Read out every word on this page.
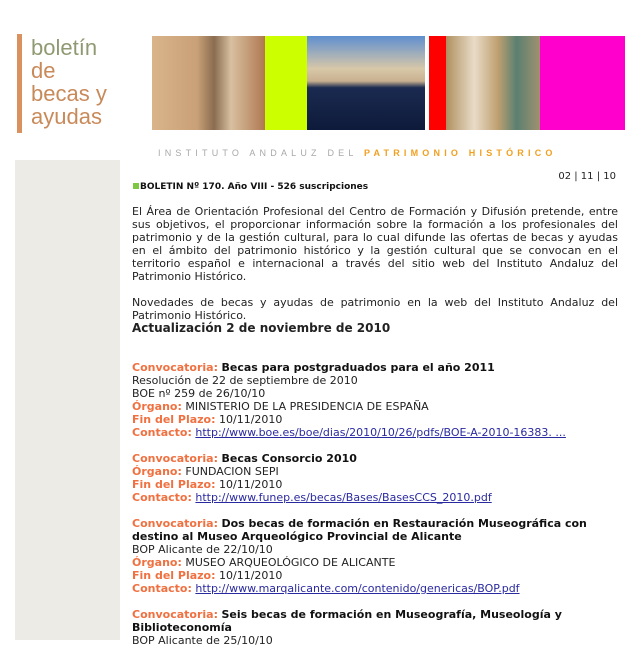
boletín
de
becas y
ayudas
INSTITUTO ANDALUZ DEL PATRIMONIO HISTÓRICO
02 | 11 | 10
BOLETIN Nº 170. Año VIII - 526 suscripciones

El Área de Orientación Profesional del Centro de Formación y Difusión pretende, entre sus objetivos, el proporcionar información sobre la formación a los profesionales del patrimonio y de la gestión cultural, para lo cual difunde las ofertas de becas y ayudas en el ámbito del patrimonio histórico y la gestión cultural que se convocan en el territorio español e internacional a través del sitio web del Instituto Andaluz del Patrimonio Histórico.

Novedades de becas y ayudas de patrimonio en la web del Instituto Andaluz del Patrimonio Histórico.

Actualización 2 de noviembre de 2010
Convocatoria: Becas para postgraduados para el año 2011
Resolución de 22 de septiembre de 2010
BOE nº 259 de 26/10/10
Órgano: MINISTERIO DE LA PRESIDENCIA DE ESPAÑA
Fin del Plazo: 10/11/2010
Contacto: http://www.boe.es/boe/dias/2010/10/26/pdfs/BOE-A-2010-16383. ...
Convocatoria: Becas Consorcio 2010
Órgano: FUNDACION SEPI
Fin del Plazo: 10/11/2010
Contacto: http://www.funep.es/becas/Bases/BasesCCS_2010.pdf
Convocatoria: Dos becas de formación en Restauración Museográfica con destino al Museo Arqueológico Provincial de Alicante
BOP Alicante de 22/10/10
Órgano: MUSEO ARQUEOLÓGICO DE ALICANTE
Fin del Plazo: 10/11/2010
Contacto: http://www.marqalicante.com/contenido/genericas/BOP.pdf
Convocatoria: Seis becas de formación en Museografía, Museología y Biblioteconomía
BOP Alicante de 25/10/10
